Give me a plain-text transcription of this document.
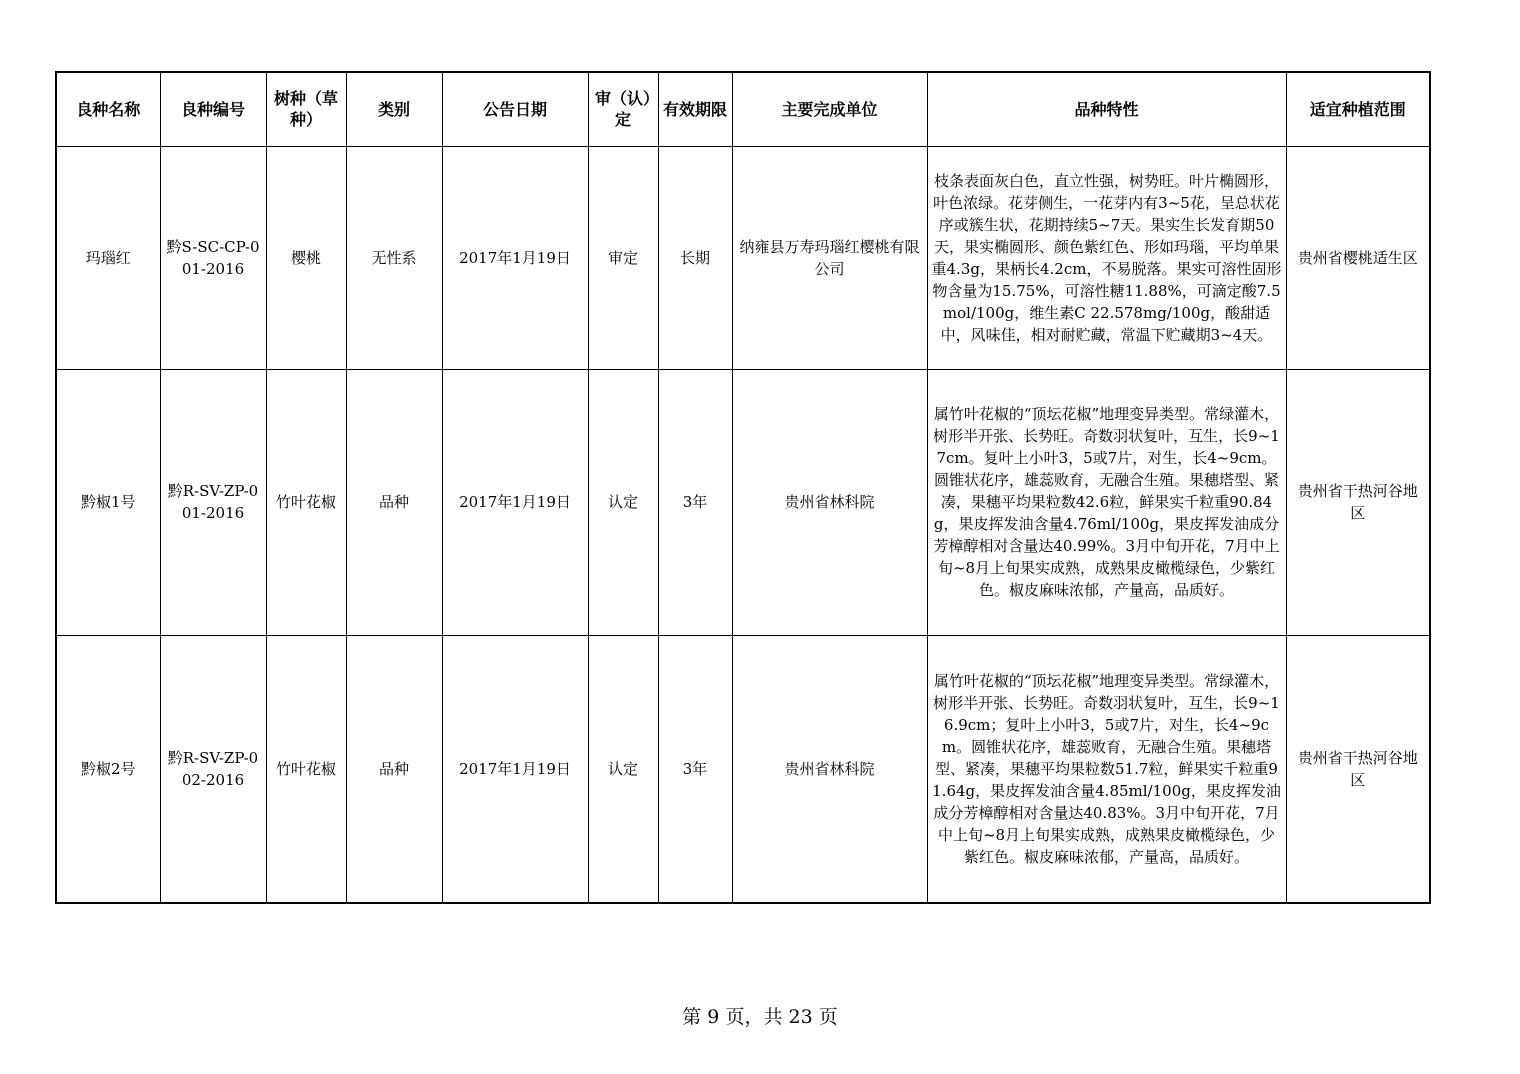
良种名称	良种编号	树种（草种）	类别	公告日期	审（认）定	有效期限	主要完成单位	品种特性	适宜种植范围
玛瑙红	黔S-SC-CP-001-2016	樱桃	无性系	2017年1月19日	审定	长期	纳雍县万寿玛瑙红樱桃有限公司	枝条表面灰白色，直立性强，树势旺。叶片椭圆形，叶色浓绿。花芽侧生，一花芽内有3~5花，呈总状花序或簇生状，花期持续5~7天。果实生长发育期50天，果实椭圆形、颜色紫红色、形如玛瑙，平均单果重4.3g，果柄长4.2cm，不易脱落。果实可溶性固形物含量为15.75%，可溶性糖11.88%，可滴定酸7.5mol/100g，维生素C 22.578mg/100g，酸甜适中，风味佳，相对耐贮藏，常温下贮藏期3~4天。	贵州省樱桃适生区
黔椒1号	黔R-SV-ZP-001-2016	竹叶花椒	品种	2017年1月19日	认定	3年	贵州省林科院	属竹叶花椒的“顶坛花椒”地理变异类型。常绿灌木，树形半开张、长势旺。奇数羽状复叶，互生，长9~17cm。复叶上小叶3，5或7片，对生，长4~9cm。圆锥状花序，雄蕊败育，无融合生殖。果穗塔型、紧凑，果穗平均果粒数42.6粒，鲜果实千粒重90.84g，果皮挥发油含量4.76ml/100g，果皮挥发油成分芳樟醇相对含量达40.99%。3月中旬开花，7月中上旬~8月上旬果实成熟，成熟果皮橄榄绿色，少紫红色。椒皮麻味浓郁，产量高，品质好。	贵州省干热河谷地区
黔椒2号	黔R-SV-ZP-002-2016	竹叶花椒	品种	2017年1月19日	认定	3年	贵州省林科院	属竹叶花椒的“顶坛花椒”地理变异类型。常绿灌木，树形半开张、长势旺。奇数羽状复叶，互生，长9~16.9cm；复叶上小叶3，5或7片，对生，长4~9cm。圆锥状花序，雄蕊败育，无融合生殖。果穗塔型、紧凑，果穗平均果粒数51.7粒，鲜果实千粒重91.64g，果皮挥发油含量4.85ml/100g，果皮挥发油成分芳樟醇相对含量达40.83%。3月中旬开花，7月中上旬~8月上旬果实成熟，成熟果皮橄榄绿色，少紫红色。椒皮麻味浓郁，产量高，品质好。	贵州省干热河谷地区
第 9 页，共 23 页
